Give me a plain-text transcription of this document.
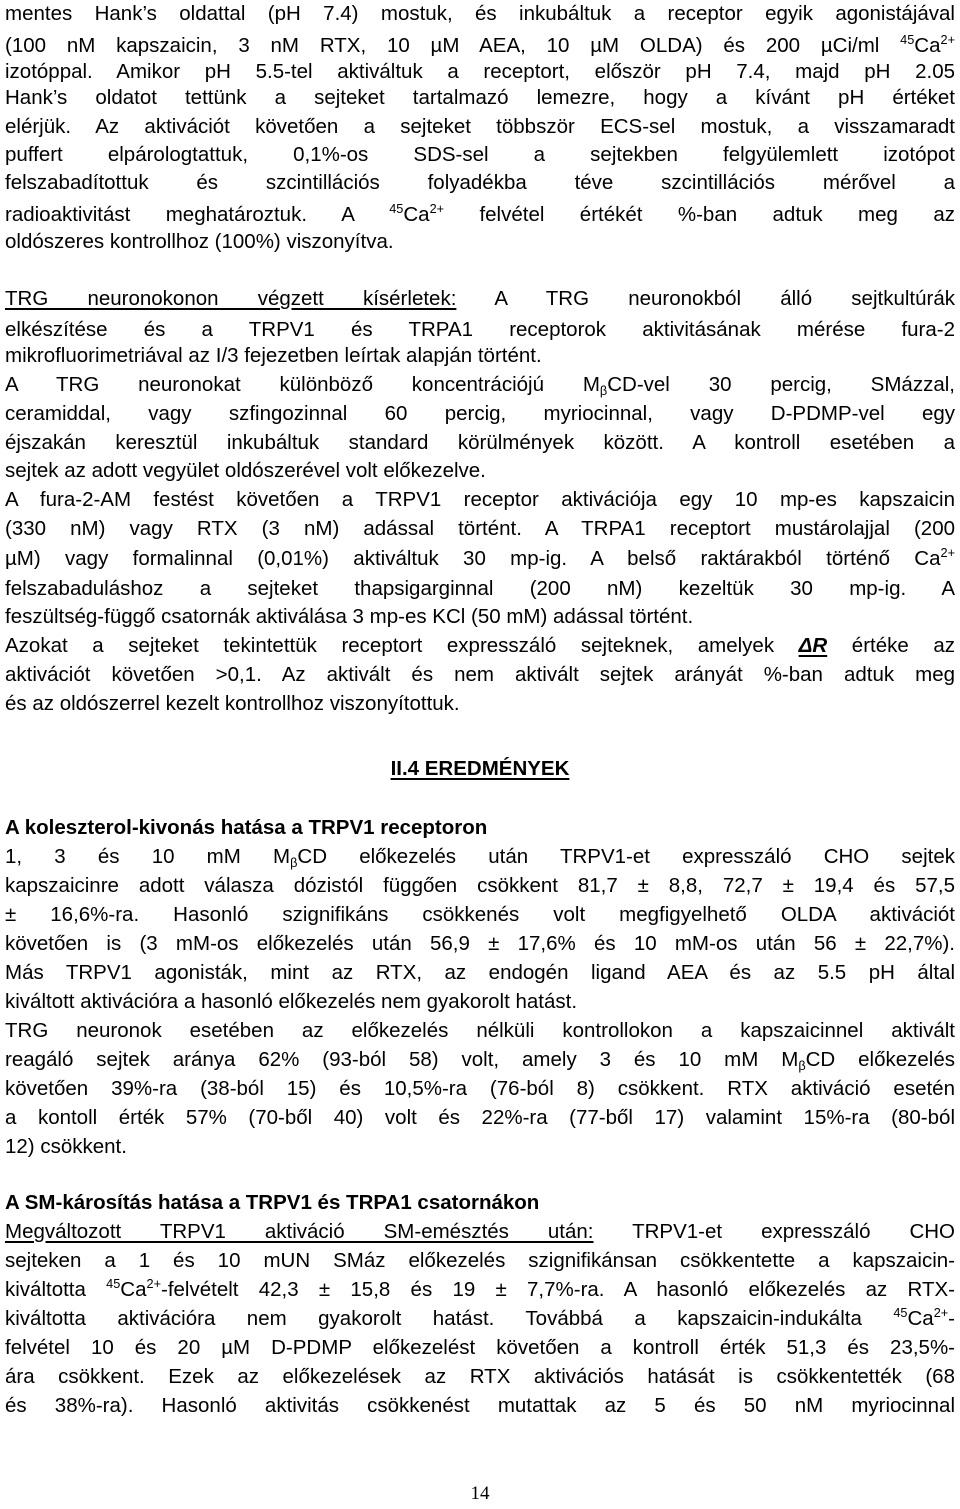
mentes Hank’s oldattal (pH 7.4) mostuk, és inkubáltuk a receptor egyik agonistájával
(100 nM kapszaicin, 3 nM RTX, 10 µM AEA, 10 µM OLDA) és 200 µCi/ml $^{45}Ca^{2+}$
izotóppal. Amikor pH 5.5-tel aktiváltuk a receptort, először pH 7.4, majd pH 2.05
Hank’s oldatot tettünk a sejteket tartalmazó lemezre, hogy a kívánt pH értéket
elérjük. Az aktivációt követően a sejteket többször ECS-sel mostuk, a visszamaradt
puffert elpárologtattuk, 0,1%-os SDS-sel a sejtekben felgyülemlett izotópot
felszabadítottuk és szcintillációs folyadékba téve szcintillációs mérővel a
radioaktivitást meghatároztuk. A $^{45}Ca^{2+}$ felvétel értékét %-ban adtuk meg az
oldószeres kontrollhoz (100%) viszonyítva.
TRG neuronokonon végzett kísérletek: A TRG neuronokból álló sejtkultúrák
elkészítése és a TRPV1 és TRPA1 receptorok aktivitásának mérése fura-2
mikrofluorimetriával az I/3 fejezetben leírtak alapján történt.
A TRG neuronokat különböző koncentrációjú $M_\beta CD$-vel 30 percig, SMázzal,
ceramiddal, vagy szfingozinnal 60 percig, myriocinnal, vagy D-PDMP-vel egy
éjszakán keresztül inkubáltuk standard körülmények között. A kontroll esetében a
sejtek az adott vegyület oldószerével volt előkezelve.
A fura-2-AM festést követően a TRPV1 receptor aktivációja egy 10 mp-es kapszaicin
(330 nM) vagy RTX (3 nM) adással történt. A TRPA1 receptort mustárolajjal (200
µM) vagy formalinnal (0,01%) aktiváltuk 30 mp-ig. A belső raktárakból történő $Ca^{2+}$
felszabaduláshoz a sejteket thapsigarginnal (200 nM) kezeltük 30 mp-ig. A
feszültség-függő csatornák aktiválása 3 mp-es KCl (50 mM) adással történt.
Azokat a sejteket tekintettük receptort expresszáló sejteknek, amelyek ΔR értéke az
aktivációt követően >0,1. Az aktivált és nem aktivált sejtek arányát %-ban adtuk meg
és az oldószerrel kezelt kontrollhoz viszonyítottuk.
II.4 EREDMÉNYEK
A koleszterol-kivonás hatása a TRPV1 receptoron
1, 3 és 10 mM $M_\beta CD$ előkezelés után TRPV1-et expresszáló CHO sejtek
kapszaicinre adott válasza dózistól függően csökkent 81,7 ± 8,8, 72,7 ± 19,4 és 57,5
± 16,6%-ra. Hasonló szignifikáns csökkenés volt megfigyelhető OLDA aktivációt
követően is (3 mM-os előkezelés után 56,9 ± 17,6% és 10 mM-os után 56 ± 22,7%).
Más TRPV1 agonisták, mint az RTX, az endogén ligand AEA és az 5.5 pH által
kiváltott aktivációra a hasonló előkezelés nem gyakorolt hatást.
TRG neuronok esetében az előkezelés nélküli kontrollokon a kapszaicinnel aktivált
reagáló sejtek aránya 62% (93-ból 58) volt, amely 3 és 10 mM $M_\beta CD$ előkezelés
követően 39%-ra (38-ból 15) és 10,5%-ra (76-ból 8) csökkent. RTX aktiváció esetén
a kontoll érték 57% (70-ből 40) volt és 22%-ra (77-ből 17) valamint 15%-ra (80-ból
12) csökkent.
A SM-károsítás hatása a TRPV1 és TRPA1 csatornákon
Megváltozott TRPV1 aktiváció SM-emésztés után: TRPV1-et expresszáló CHO
sejteken a 1 és 10 mUN SMáz előkezelés szignifikánsan csökkentette a kapszaicin-
kiváltotta $^{45}Ca^{2+}$-felvételt 42,3 ± 15,8 és 19 ± 7,7%-ra. A hasonló előkezelés az RTX-
kiváltotta aktivációra nem gyakorolt hatást. Továbbá a kapszaicin-indukálta $^{45}Ca^{2+}-$
felvétel 10 és 20 µM D-PDMP előkezelést követően a kontroll érték 51,3 és 23,5%-
ára csökkent. Ezek az előkezelések az RTX aktivációs hatását is csökkentették (68
és 38%-ra). Hasonló aktivitás csökkenést mutattak az 5 és 50 nM myriocinnal
14
